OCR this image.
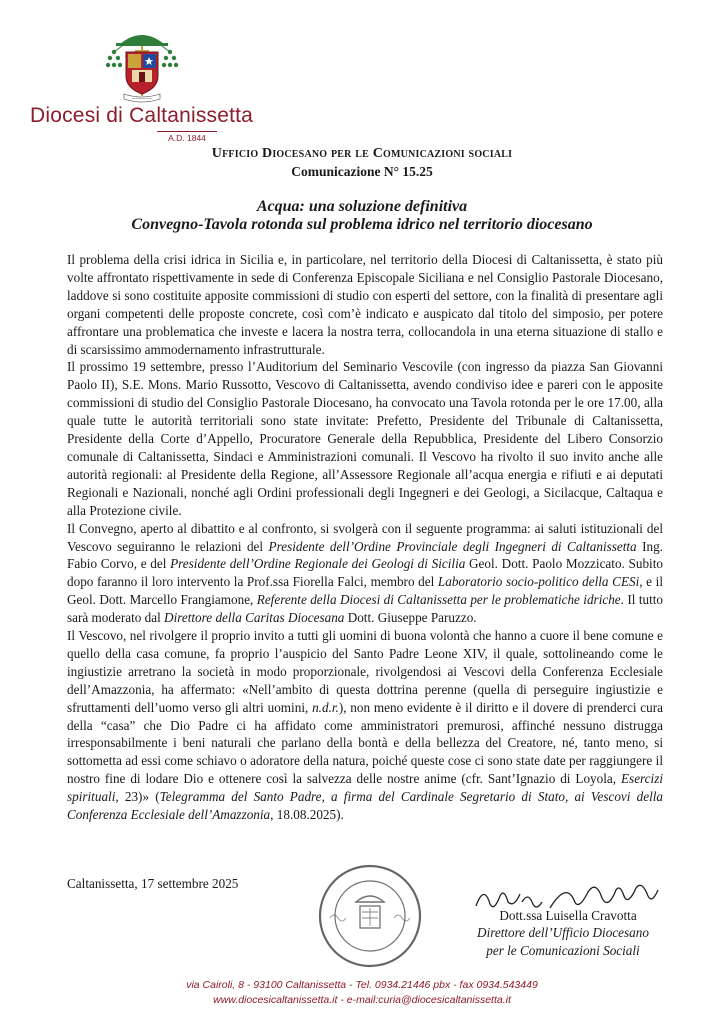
~~~~~~
Diocesi di Caltanissetta
A.D. 1844
Ufficio Diocesano per le Comunicazioni sociali
Comunicazione N° 15.25
Acqua: una soluzione definitiva
Convegno-Tavola rotonda sul problema idrico nel territorio diocesano

Il problema della crisi idrica in Sicilia e, in particolare, nel territorio della Diocesi di Caltanissetta, è stato più volte affrontato rispettivamente in sede di Conferenza Episcopale Siciliana e nel Consiglio Pastorale Diocesano, laddove si sono costituite apposite commissioni di studio con esperti del settore, con la finalità di presentare agli organi competenti delle proposte concrete, così com’è indicato e auspicato dal titolo del simposio, per potere affrontare una problematica che investe e lacera la nostra terra, collocandola in una eterna situazione di stallo e di scarsissimo ammodernamento infrastrutturale.

Il prossimo 19 settembre, presso l’Auditorium del Seminario Vescovile (con ingresso da piazza San Giovanni Paolo II), S.E. Mons. Mario Russotto, Vescovo di Caltanissetta, avendo condiviso idee e pareri con le apposite commissioni di studio del Consiglio Pastorale Diocesano, ha convocato una Tavola rotonda per le ore 17.00, alla quale tutte le autorità territoriali sono state invitate: Prefetto, Presidente del Tribunale di Caltanissetta, Presidente della Corte d’Appello, Procuratore Generale della Repubblica, Presidente del Libero Consorzio comunale di Caltanissetta, Sindaci e Amministrazioni comunali. Il Vescovo ha rivolto il suo invito anche alle autorità regionali: al Presidente della Regione, all’Assessore Regionale all’acqua energia e rifiuti e ai deputati Regionali e Nazionali, nonché agli Ordini professionali degli Ingegneri e dei Geologi, a Sicilacque, Caltaqua e alla Protezione civile.

Il Convegno, aperto al dibattito e al confronto, si svolgerà con il seguente programma: ai saluti istituzionali del Vescovo seguiranno le relazioni del Presidente dell’Ordine Provinciale degli Ingegneri di Caltanissetta Ing. Fabio Corvo, e del Presidente dell’Ordine Regionale dei Geologi di Sicilia Geol. Dott. Paolo Mozzicato. Subito dopo faranno il loro intervento la Prof.ssa Fiorella Falci, membro del Laboratorio socio-politico della CESi, e il Geol. Dott. Marcello Frangiamone, Referente della Diocesi di Caltanissetta per le problematiche idriche. Il tutto sarà moderato dal Direttore della Caritas Diocesana Dott. Giuseppe Paruzzo.

Il Vescovo, nel rivolgere il proprio invito a tutti gli uomini di buona volontà che hanno a cuore il bene comune e quello della casa comune, fa proprio l’auspicio del Santo Padre Leone XIV, il quale, sottolineando come le ingiustizie arretrano la società in modo proporzionale, rivolgendosi ai Vescovi della Conferenza Ecclesiale dell’Amazzonia, ha affermato: «Nell’ambito di questa dottrina perenne (quella di perseguire ingiustizie e sfruttamenti dell’uomo verso gli altri uomini, n.d.r.), non meno evidente è il diritto e il dovere di prenderci cura della “casa” che Dio Padre ci ha affidato come amministratori premurosi, affinché nessuno distrugga irresponsabilmente i beni naturali che parlano della bontà e della bellezza del Creatore, né, tanto meno, si sottometta ad essi come schiavo o adoratore della natura, poiché queste cose ci sono state date per raggiungere il nostro fine di lodare Dio e ottenere così la salvezza delle nostre anime (cfr. Sant’Ignazio di Loyola, Esercizi spirituali, 23)» (Telegramma del Santo Padre, a firma del Cardinale Segretario di Stato, ai Vescovi della Conferenza Ecclesiale dell’Amazzonia, 18.08.2025).

Caltanissetta, 17 settembre 2025
Dott.ssa Luisella Cravotta
Direttore dell’Ufficio Diocesano
per le Comunicazioni Sociali
via Cairoli, 8 - 93100 Caltanissetta - Tel. 0934.21446 pbx - fax 0934.543449
www.diocesicaltanissetta.it - e-mail:curia@diocesicaltanissetta.it
